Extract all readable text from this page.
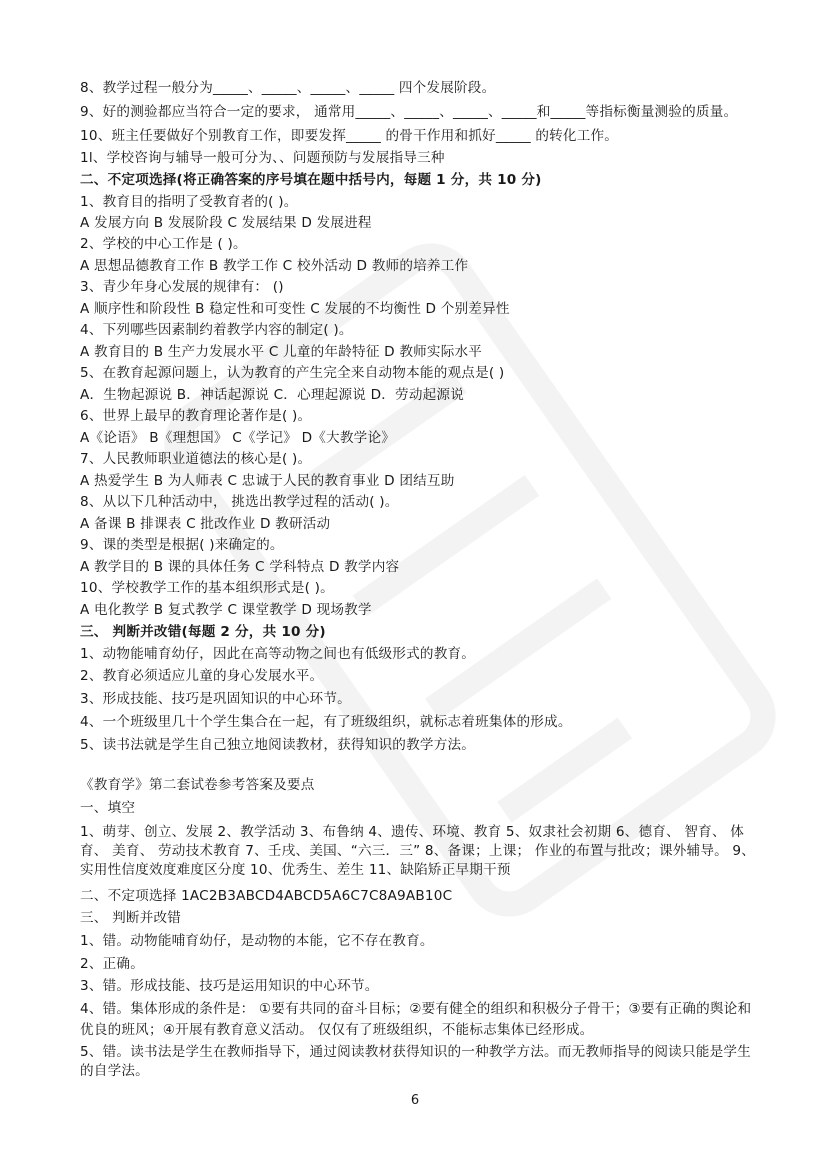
8、教学过程一般分为_____、_____、_____、_____ 四个发展阶段。
9、好的测验都应当符合一定的要求， 通常用_____、_____、_____、_____和_____等指标衡量测验的质量。
10、班主任要做好个别教育工作，即要发挥_____ 的骨干作用和抓好_____ 的转化工作。
1l、学校咨询与辅导一般可分为、、问题预防与发展指导三种
二、不定项选择(将正确答案的序号填在题中括号内，每题 1 分，共 10 分)
1、教育目的指明了受教育者的( )。
A 发展方向 B 发展阶段 C 发展结果 D 发展进程
2、学校的中心工作是 ( )。
A 思想品德教育工作 B 教学工作 C 校外活动 D 教师的培养工作
3、青少年身心发展的规律有： ()
A 顺序性和阶段性 B 稳定性和可变性 C 发展的不均衡性 D 个别差异性
4、下列哪些因素制约着教学内容的制定( )。
A 教育目的 B 生产力发展水平 C 儿童的年龄特征 D 教师实际水平
5、在教育起源问题上，认为教育的产生完全来自动物本能的观点是( )
A．生物起源说 B．神话起源说 C．心理起源说 D．劳动起源说
6、世界上最早的教育理论著作是( )。
A《论语》 B《理想国》 C《学记》 D《大教学论》
7、人民教师职业道德法的核心是( )。
A 热爱学生 B 为人师表 C 忠诚于人民的教育事业 D 团结互助
8、从以下几种活动中， 挑选出教学过程的活动( )。
A 备课 B 排课表 C 批改作业 D 教研活动
9、课的类型是根据( )来确定的。
A 教学目的 B 课的具体任务 C 学科特点 D 教学内容
10、学校教学工作的基本组织形式是( )。
A 电化教学 B 复式教学 C 课堂教学 D 现场教学
三、 判断并改错(每题 2 分，共 10 分)
1、动物能哺育幼仔，因此在高等动物之间也有低级形式的教育。
2、教育必须适应儿童的身心发展水平。
3、形成技能、技巧是巩固知识的中心环节。
4、一个班级里几十个学生集合在一起，有了班级组织，就标志着班集体的形成。
5、读书法就是学生自己独立地阅读教材，获得知识的教学方法。
《教育学》第二套试卷参考答案及要点
一、填空
1、萌芽、创立、发展 2、教学活动 3、布鲁纳 4、遗传、环境、教育 5、奴隶社会初期 6、德育、 智育、 体育、 美育、 劳动技术教育 7、壬戌、美国、“六三．三” 8、备课；上课； 作业的布置与批改；课外辅导。 9、实用性信度效度难度区分度 10、优秀生、差生 11、缺陷矫正早期干预
二、不定项选择 1AC2B3ABCD4ABCD5A6C7C8A9AB10C
三、 判断并改错
1、错。动物能哺育幼仔，是动物的本能，它不存在教育。
2、正确。
3、错。形成技能、技巧是运用知识的中心环节。
4、错。集体形成的条件是： ①要有共同的奋斗目标；②要有健全的组织和积极分子骨干；③要有正确的舆论和优良的班风；④开展有教育意义活动。 仅仅有了班级组织，不能标志集体已经形成。
5、错。读书法是学生在教师指导下，通过阅读教材获得知识的一种教学方法。而无教师指导的阅读只能是学生的自学法。
6
